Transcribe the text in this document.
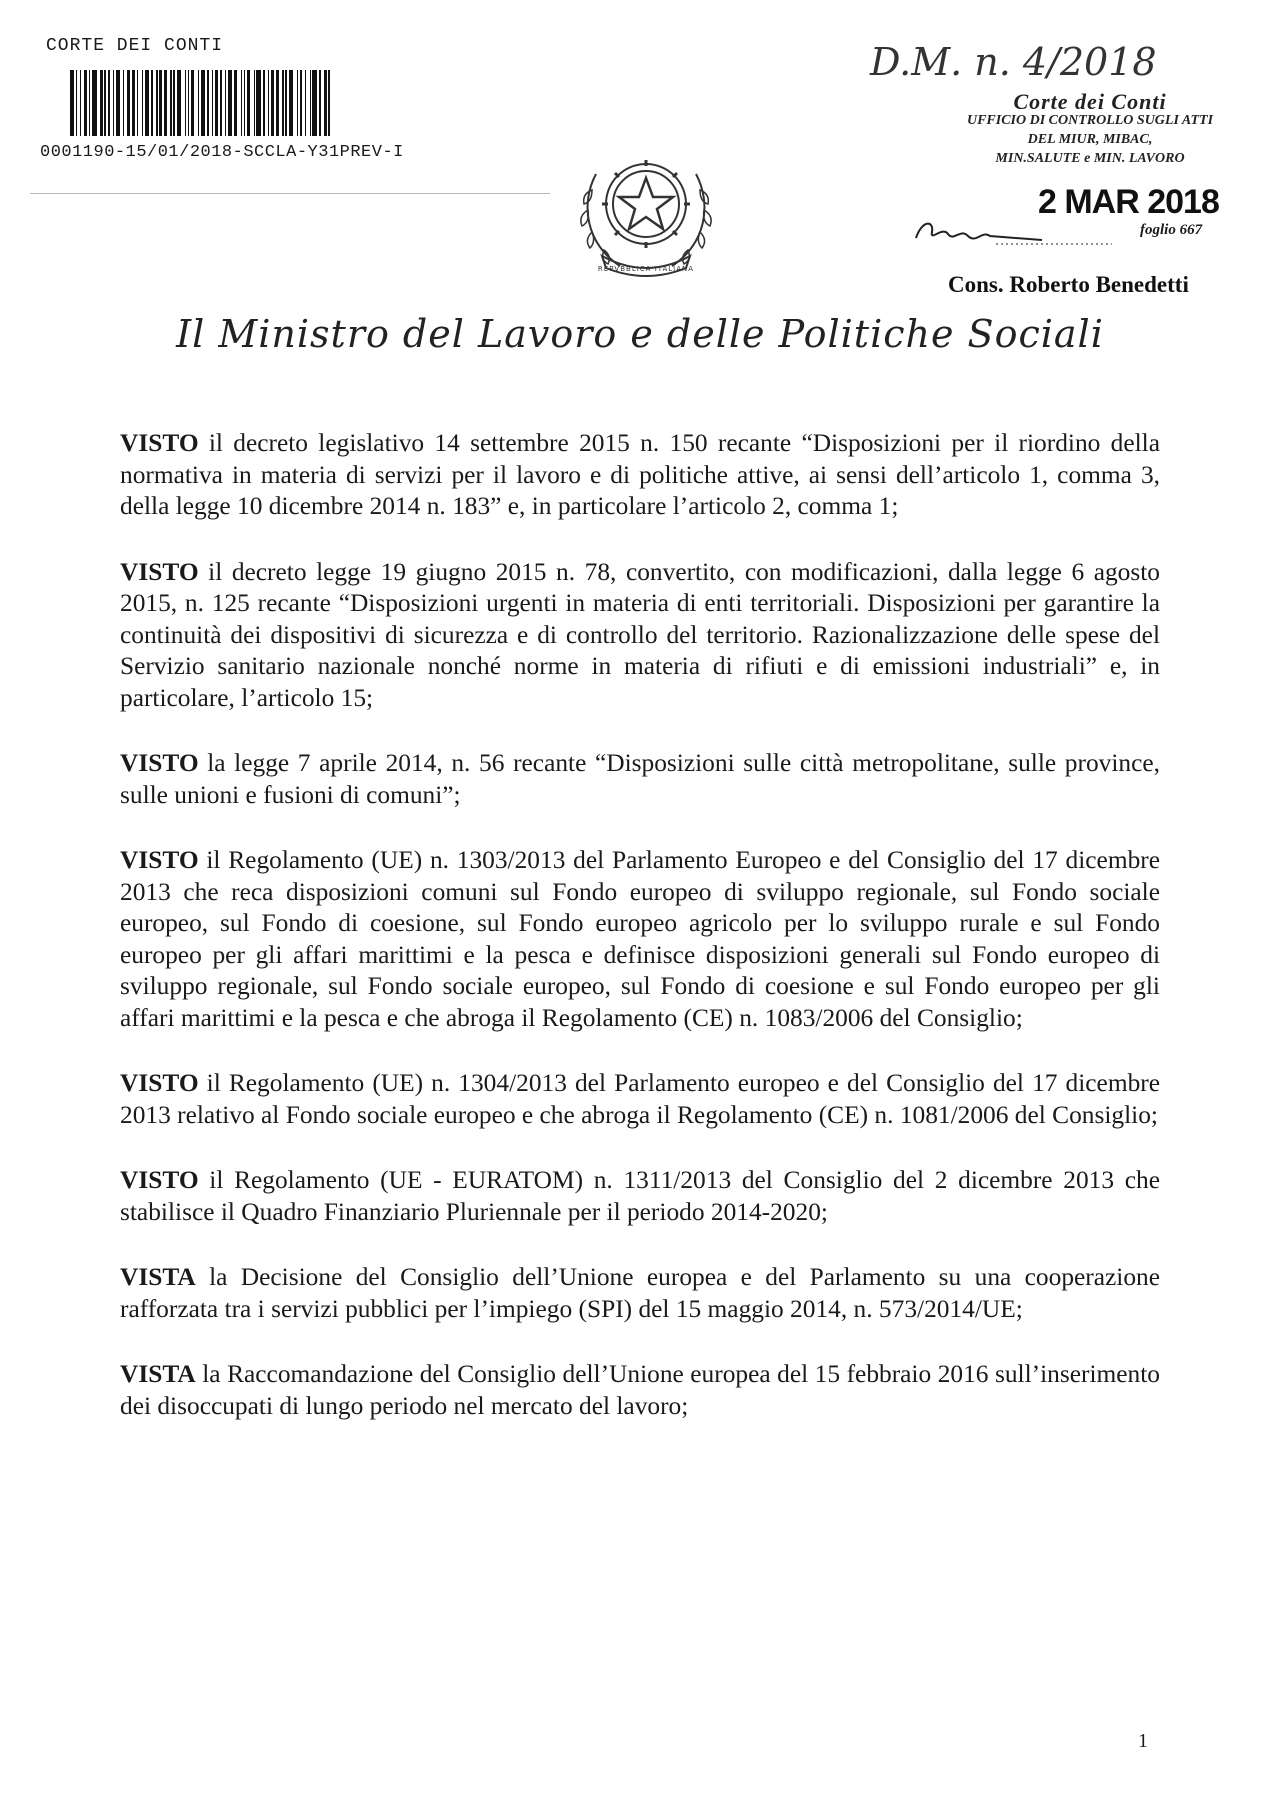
CORTE DEI CONTI
0001190-15/01/2018-SCCLA-Y31PREV-I
REPVBBLICA ITALIANA
D.M. n. 4/2018
Corte dei Conti
UFFICIO DI CONTROLLO SUGLI ATTI
DEL MIUR, MIBAC,
MIN.SALUTE e MIN. LAVORO
2 MAR 2018
foglio 667
Cons. Roberto Benedetti
Il Ministro del Lavoro e delle Politiche Sociali

VISTO il decreto legislativo 14 settembre 2015 n. 150 recante “Disposizioni per il riordino della normativa in materia di servizi per il lavoro e di politiche attive, ai sensi dell’articolo 1, comma 3, della legge 10 dicembre 2014 n. 183” e, in particolare l’articolo 2, comma 1;

VISTO il decreto legge 19 giugno 2015 n. 78, convertito, con modificazioni, dalla legge 6 agosto 2015, n. 125 recante “Disposizioni urgenti in materia di enti territoriali. Disposizioni per garantire la continuità dei dispositivi di sicurezza e di controllo del territorio. Razionalizzazione delle spese del Servizio sanitario nazionale nonché norme in materia di rifiuti e di emissioni industriali” e, in particolare, l’articolo 15;

VISTO la legge 7 aprile 2014, n. 56 recante “Disposizioni sulle città metropolitane, sulle province, sulle unioni e fusioni di comuni”;

VISTO il Regolamento (UE) n. 1303/2013 del Parlamento Europeo e del Consiglio del 17 dicembre 2013 che reca disposizioni comuni sul Fondo europeo di sviluppo regionale, sul Fondo sociale europeo, sul Fondo di coesione, sul Fondo europeo agricolo per lo sviluppo rurale e sul Fondo europeo per gli affari marittimi e la pesca e definisce disposizioni generali sul Fondo europeo di sviluppo regionale, sul Fondo sociale europeo, sul Fondo di coesione e sul Fondo europeo per gli affari marittimi e la pesca e che abroga il Regolamento (CE) n. 1083/2006 del Consiglio;

VISTO il Regolamento (UE) n. 1304/2013 del Parlamento europeo e del Consiglio del 17 dicembre 2013 relativo al Fondo sociale europeo e che abroga il Regolamento (CE) n. 1081/2006 del Consiglio;

VISTO il Regolamento (UE - EURATOM) n. 1311/2013 del Consiglio del 2 dicembre 2013 che stabilisce il Quadro Finanziario Pluriennale per il periodo 2014-2020;

VISTA la Decisione del Consiglio dell’Unione europea e del Parlamento su una cooperazione rafforzata tra i servizi pubblici per l’impiego (SPI) del 15 maggio 2014, n. 573/2014/UE;

VISTA la Raccomandazione del Consiglio dell’Unione europea del 15 febbraio 2016 sull’inserimento dei disoccupati di lungo periodo nel mercato del lavoro;

1
